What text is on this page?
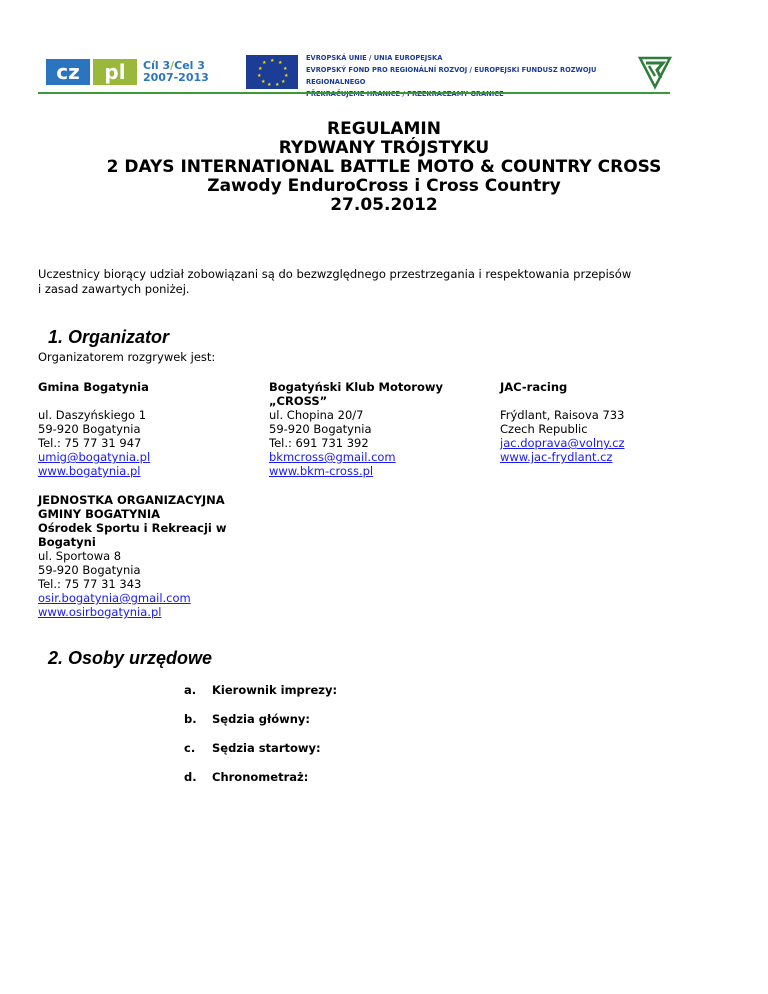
cz	pl	Cíl 3/Cel 3
2007-2013
★ ★
★
★
★
★
★
★
★
★
★
EVROPSKÁ UNIE / UNIA EUROPEJSKA
EVROPSKÝ FOND PRO REGIONÁLNÍ ROZVOJ / EUROPEJSKI FUNDUSZ ROZWOJU REGIONALNEGO
REGULAMIN
RYDWANY TRÓJSTYKU
2 DAYS INTERNATIONAL BATTLE MOTO & COUNTRY CROSS
Zawody EnduroCross i Cross Country
27.05.2012
Uczestnicy biorący udział zobowiązani są do bezwzględnego przestrzegania i respektowania przepisów
i zasad zawartych poniżej.
1. Organizator
Organizatorem rozgrywek jest:
Gmina Bogatynia
ul. Daszyńskiego 1
59-920 Bogatynia
Tel.: 75 77 31 947
umig@bogatynia.pl
www.bogatynia.pl
Bogatyński Klub Motorowy
„CROSS”
ul. Chopina 20/7
59-920 Bogatynia
Tel.: 691 731 392
bkmcross@gmail.com
www.bkm-cross.pl
JAC-racing
Frýdlant, Raisova 733
Czech Republic
jac.doprava@volny.cz
www.jac-frydlant.cz
JEDNOSTKA ORGANIZACYJNA
GMINY BOGATYNIA
Ośrodek Sportu i Rekreacji w
Bogatyni
ul. Sportowa 8
59-920 Bogatynia
Tel.: 75 77 31 343
osir.bogatynia@gmail.com
www.osirbogatynia.pl
2. Osoby urzędowe
a.	Kierownik imprezy:
b.	Sędzia główny:
c.	Sędzia startowy:
d.	Chronometraż:
